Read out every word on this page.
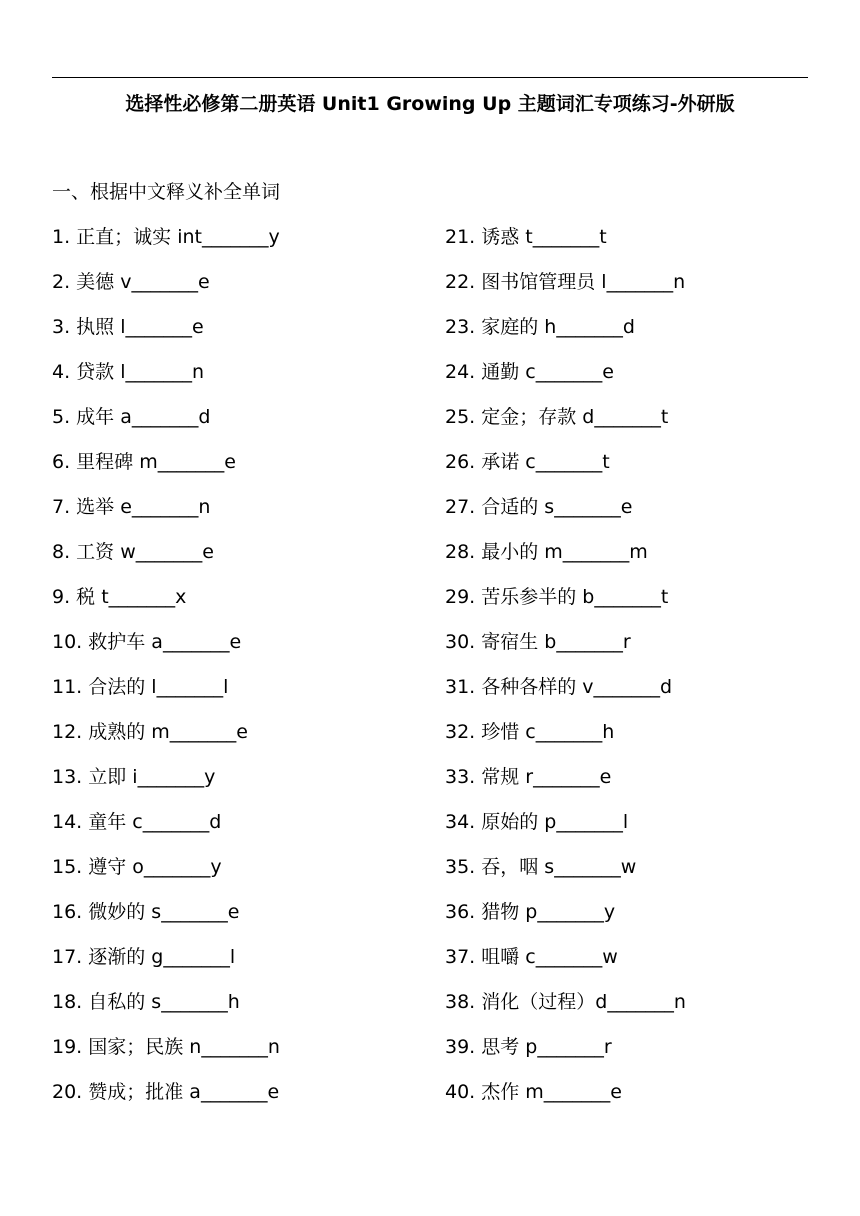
选择性必修第二册英语 Unit1 Growing Up 主题词汇专项练习-外研版
一、根据中文释义补全单词
1. 正直；诚实 int_______y
2. 美德 v_______e
3. 执照 l_______e
4. 贷款 l_______n
5. 成年 a_______d
6. 里程碑 m_______e
7. 选举 e_______n
8. 工资 w_______e
9. 税 t_______x
10. 救护车 a_______e
11. 合法的 l_______l
12. 成熟的 m_______e
13. 立即 i_______y
14. 童年 c_______d
15. 遵守 o_______y
16. 微妙的 s_______e
17. 逐渐的 g_______l
18. 自私的 s_______h
19. 国家；民族 n_______n
20. 赞成；批准 a_______e
21. 诱惑 t_______t
22. 图书馆管理员 l_______n
23. 家庭的 h_______d
24. 通勤 c_______e
25. 定金；存款 d_______t
26. 承诺 c_______t
27. 合适的 s_______e
28. 最小的 m_______m
29. 苦乐参半的 b_______t
30. 寄宿生 b_______r
31. 各种各样的 v_______d
32. 珍惜 c_______h
33. 常规 r_______e
34. 原始的 p_______l
35. 吞，咽 s_______w
36. 猎物 p_______y
37. 咀嚼 c_______w
38. 消化（过程）d_______n
39. 思考 p_______r
40. 杰作 m_______e
